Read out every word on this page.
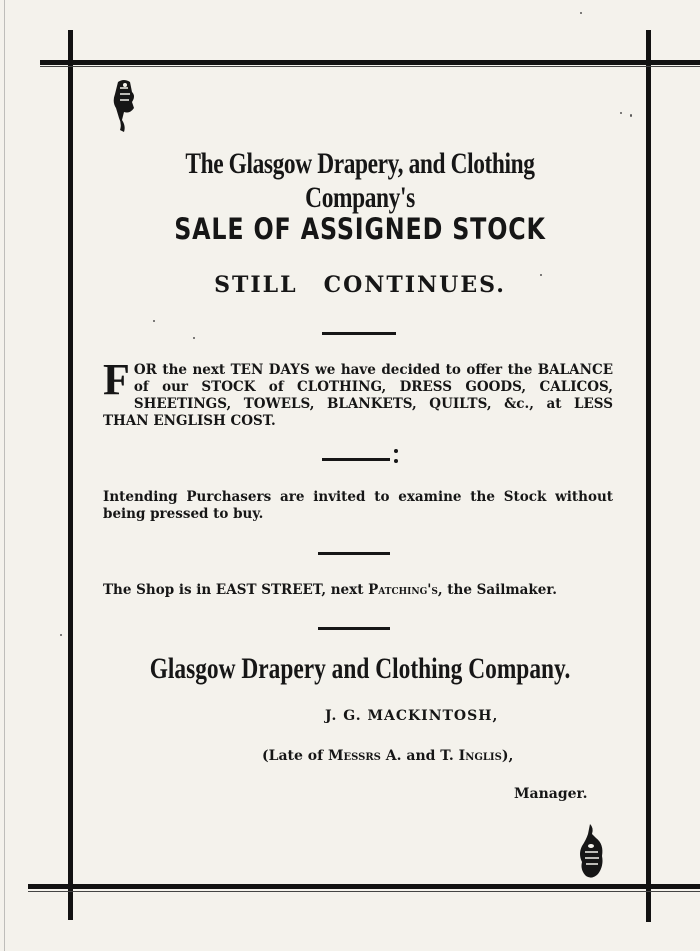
The Glasgow Drapery, and Clothing Company's
SALE OF ASSIGNED STOCK
STILL CONTINUES.
FOR the next TEN DAYS we have decided to offer the BALANCE of our STOCK of CLOTHING, DRESS GOODS, CALICOS, SHEETINGS, TOWELS, BLANKETS, QUILTS, &c., at LESS THAN ENGLISH COST.
Intending Purchasers are invited to examine the Stock without being pressed to buy.
The Shop is in EAST STREET, next Patching's, the Sailmaker.
Glasgow Drapery and Clothing Company.
J. G. MACKINTOSH,
(Late of Messrs A. and T. Inglis),
Manager.
